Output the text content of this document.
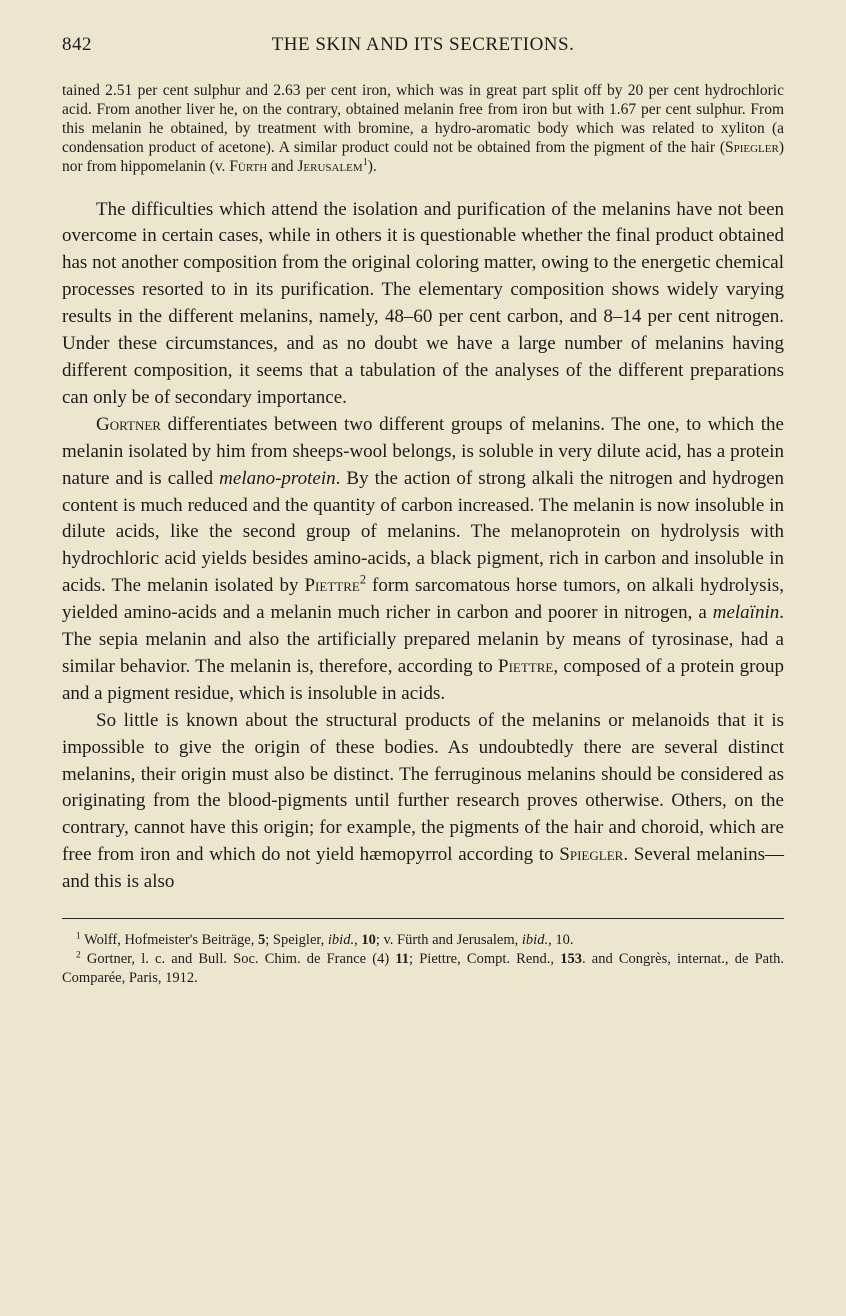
842	THE SKIN AND ITS SECRETIONS.

tained 2.51 per cent sulphur and 2.63 per cent iron, which was in great part split off by 20 per cent hydrochloric acid. From another liver he, on the contrary, obtained melanin free from iron but with 1.67 per cent sulphur. From this melanin he obtained, by treatment with bromine, a hydro-aromatic body which was related to xyliton (a condensation product of acetone). A similar product could not be obtained from the pigment of the hair (Spiegler) nor from hippomelanin (v. Fürth and Jerusalem$^1$).

The difficulties which attend the isolation and purification of the melanins have not been overcome in certain cases, while in others it is questionable whether the final product obtained has not another composition from the original coloring matter, owing to the energetic chemical processes resorted to in its purification. The elementary composition shows widely varying results in the different melanins, namely, 48–60 per cent carbon, and 8–14 per cent nitrogen. Under these circumstances, and as no doubt we have a large number of melanins having different composition, it seems that a tabulation of the analyses of the different preparations can only be of secondary importance.

Gortner differentiates between two different groups of melanins. The one, to which the melanin isolated by him from sheeps-wool belongs, is soluble in very dilute acid, has a protein nature and is called melano-protein. By the action of strong alkali the nitrogen and hydrogen content is much reduced and the quantity of carbon increased. The melanin is now insoluble in dilute acids, like the second group of melanins. The melanoprotein on hydrolysis with hydrochloric acid yields besides amino-acids, a black pigment, rich in carbon and insoluble in acids. The melanin isolated by Piettre$^2$ form sarcomatous horse tumors, on alkali hydrolysis, yielded amino-acids and a melanin much richer in carbon and poorer in nitrogen, a melaïnin. The sepia melanin and also the artificially prepared melanin by means of tyrosinase, had a similar behavior. The melanin is, therefore, according to Piettre, composed of a protein group and a pigment residue, which is insoluble in acids.

So little is known about the structural products of the melanins or melanoids that it is impossible to give the origin of these bodies. As undoubtedly there are several distinct melanins, their origin must also be distinct. The ferruginous melanins should be considered as originating from the blood-pigments until further research proves otherwise. Others, on the contrary, cannot have this origin; for example, the pigments of the hair and choroid, which are free from iron and which do not yield hæmopyrrol according to Spiegler. Several melanins—and this is also

$^1$ Wolff, Hofmeister's Beiträge, 5; Speigler, ibid., 10; v. Fürth and Jerusalem, ibid., 10.

$^2$ Gortner, l. c. and Bull. Soc. Chim. de France (4) 11; Piettre, Compt. Rend., 153. and Congrès, internat., de Path. Comparée, Paris, 1912.
